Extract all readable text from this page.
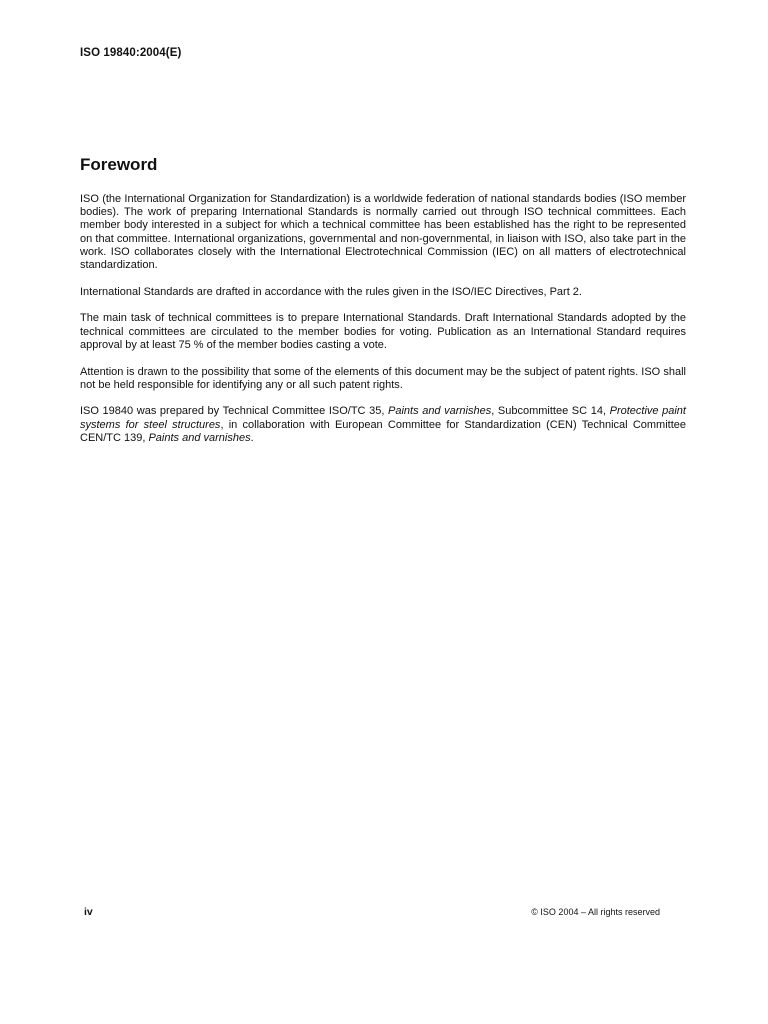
ISO 19840:2004(E)
Foreword

ISO (the International Organization for Standardization) is a worldwide federation of national standards bodies (ISO member bodies). The work of preparing International Standards is normally carried out through ISO technical committees. Each member body interested in a subject for which a technical committee has been established has the right to be represented on that committee. International organizations, governmental and non-governmental, in liaison with ISO, also take part in the work. ISO collaborates closely with the International Electrotechnical Commission (IEC) on all matters of electrotechnical standardization.

International Standards are drafted in accordance with the rules given in the ISO/IEC Directives, Part 2.

The main task of technical committees is to prepare International Standards. Draft International Standards adopted by the technical committees are circulated to the member bodies for voting. Publication as an International Standard requires approval by at least 75 % of the member bodies casting a vote.

Attention is drawn to the possibility that some of the elements of this document may be the subject of patent rights. ISO shall not be held responsible for identifying any or all such patent rights.

ISO 19840 was prepared by Technical Committee ISO/TC 35, Paints and varnishes, Subcommittee SC 14, Protective paint systems for steel structures, in collaboration with European Committee for Standardization (CEN) Technical Committee CEN/TC 139, Paints and varnishes.

iv	© ISO 2004 – All rights reserved
